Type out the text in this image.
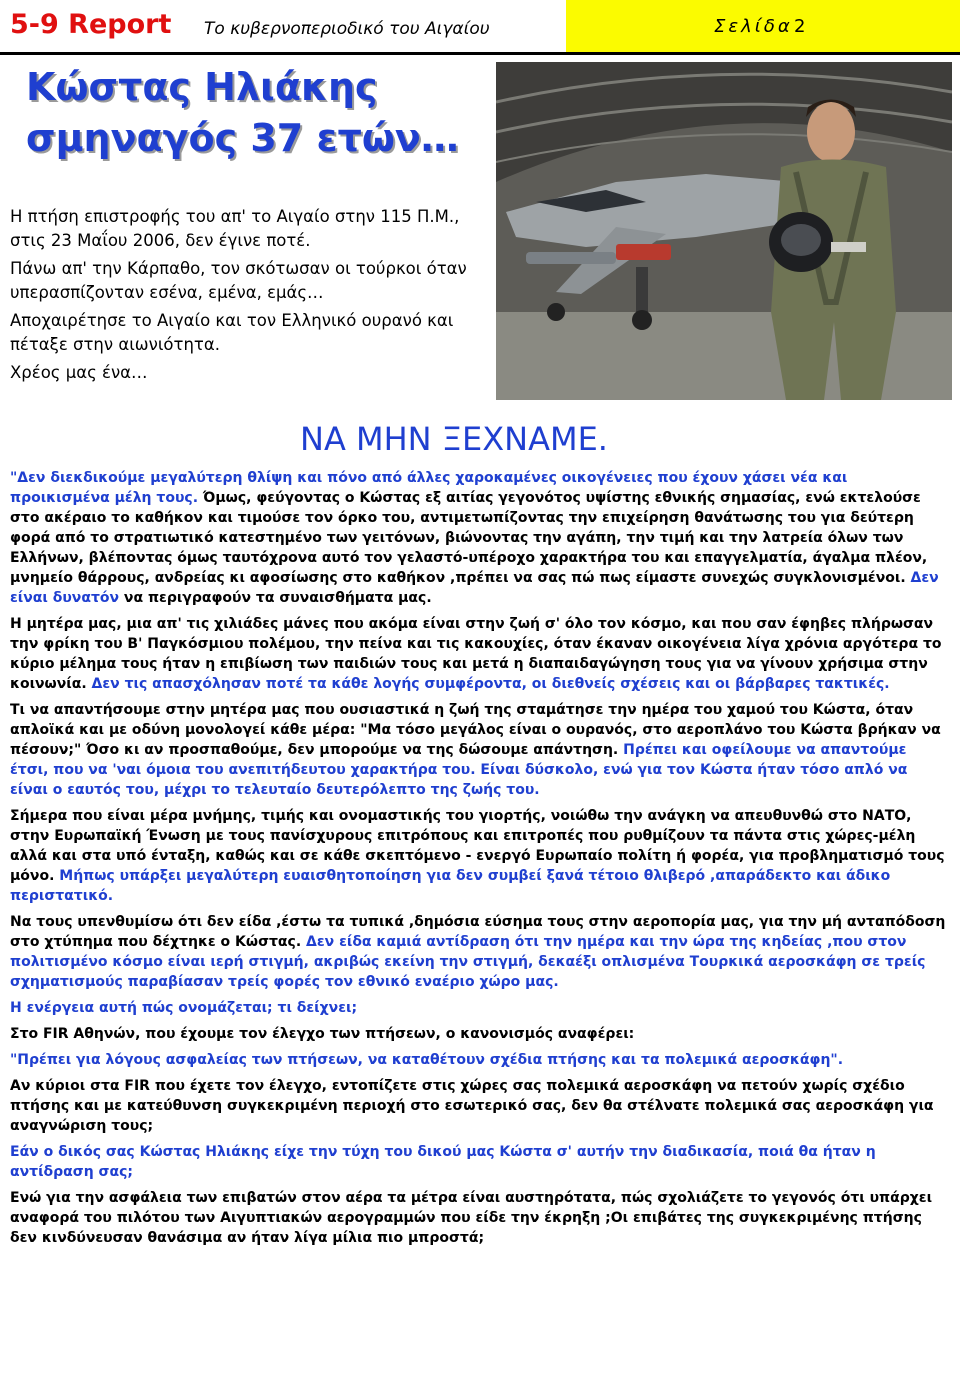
5-9 Report Το κυβερνοπεριοδικό του Αιγαίου	Σελίδα 2
Κώστας Ηλιάκης
σμηναγός 37 ετών…

Η πτήση επιστροφής του απ' το Αιγαίο στην 115 Π.Μ., στις 23 Μαΐου 2006, δεν έγινε ποτέ.

Πάνω απ' την Κάρπαθο, τον σκότωσαν οι τούρκοι όταν υπερασπίζονταν εσένα, εμένα, εμάς…

Αποχαιρέτησε το Αιγαίο και τον Ελληνικό ουρανό και πέταξε στην αιωνιότητα.

Χρέος μας ένα…

ΝΑ ΜΗΝ ΞΕΧΝΑΜΕ.

"Δεν διεκδικούμε μεγαλύτερη θλίψη και πόνο από άλλες χαροκαμένες οικογένειες που έχουν χάσει νέα και προικισμένα μέλη τους. Όμως, φεύγοντας ο Κώστας εξ αιτίας γεγονότος υψίστης εθνικής σημασίας, ενώ εκτελούσε στο ακέραιο το καθήκον και τιμούσε τον όρκο του, αντιμετωπίζοντας την επιχείρηση θανάτωσης του για δεύτερη φορά από το στρατιωτικό κατεστημένο των γειτόνων, βιώνοντας την αγάπη, την τιμή και την λατρεία όλων των Ελλήνων, βλέποντας όμως ταυτόχρονα αυτό τον γελαστό-υπέροχο χαρακτήρα του και επαγγελματία, άγαλμα πλέον, μνημείο θάρρους, ανδρείας κι αφοσίωσης στο καθήκον ,πρέπει να σας πώ πως είμαστε συνεχώς συγκλονισμένοι. Δεν είναι δυνατόν να περιγραφούν τα συναισθήματα μας.

Η μητέρα μας, μια απ' τις χιλιάδες μάνες που ακόμα είναι στην ζωή σ' όλο τον κόσμο, και που σαν έφηβες πλήρωσαν την φρίκη του Β' Παγκόσμιου πολέμου, την πείνα και τις κακουχίες, όταν έκαναν οικογένεια λίγα χρόνια αργότερα το κύριο μέλημα τους ήταν η επιβίωση των παιδιών τους και μετά η διαπαιδαγώγηση τους για να γίνουν χρήσιμα στην κοινωνία. Δεν τις απασχόλησαν ποτέ τα κάθε λογής συμφέροντα, οι διεθνείς σχέσεις και οι βάρβαρες τακτικές.

Τι να απαντήσουμε στην μητέρα μας που ουσιαστικά η ζωή της σταμάτησε την ημέρα του χαμού του Κώστα, όταν απλοϊκά και με οδύνη μονολογεί κάθε μέρα: "Μα τόσο μεγάλος είναι ο ουρανός, στο αεροπλάνο του Κώστα βρήκαν να πέσουν;" Όσο κι αν προσπαθούμε, δεν μπορούμε να της δώσουμε απάντηση. Πρέπει και οφείλουμε να απαντούμε έτσι, που να 'ναι όμοια του ανεπιτήδευτου χαρακτήρα του. Είναι δύσκολο, ενώ για τον Κώστα ήταν τόσο απλό να είναι ο εαυτός του, μέχρι το τελευταίο δευτερόλεπτο της ζωής του.

Σήμερα που είναι μέρα μνήμης, τιμής και ονομαστικής του γιορτής, νοιώθω την ανάγκη να απευθυνθώ στο ΝΑΤΟ, στην Ευρωπαϊκή Ένωση με τους πανίσχυρους επιτρόπους και επιτροπές που ρυθμίζουν τα πάντα στις χώρες-μέλη αλλά και στα υπό ένταξη, καθώς και σε κάθε σκεπτόμενο - ενεργό Ευρωπαίο πολίτη ή φορέα, για προβληματισμό τους μόνο. Μήπως υπάρξει μεγαλύτερη ευαισθητοποίηση για δεν συμβεί ξανά τέτοιο θλιβερό ,απαράδεκτο και άδικο περιστατικό.

Να τους υπενθυμίσω ότι δεν είδα ,έστω τα τυπικά ,δημόσια εύσημα τους στην αεροπορία μας, για την μή ανταπόδοση στο χτύπημα που δέχτηκε ο Κώστας. Δεν είδα καμιά αντίδραση ότι την ημέρα και την ώρα της κηδείας ,που στον πολιτισμένο κόσμο είναι ιερή στιγμή, ακριβώς εκείνη την στιγμή, δεκαέξι οπλισμένα Τουρκικά αεροσκάφη σε τρείς σχηματισμούς παραβίασαν τρείς φορές τον εθνικό εναέριο χώρο μας.

Η ενέργεια αυτή πώς ονομάζεται; τι δείχνει;

Στο FIR Αθηνών, που έχουμε τον έλεγχο των πτήσεων, ο κανονισμός αναφέρει:

"Πρέπει για λόγους ασφαλείας των πτήσεων, να καταθέτουν σχέδια πτήσης και τα πολεμικά αεροσκάφη".

Αν κύριοι στα FIR που έχετε τον έλεγχο, εντοπίζετε στις χώρες σας πολεμικά αεροσκάφη να πετούν χωρίς σχέδιο πτήσης και με κατεύθυνση συγκεκριμένη περιοχή στο εσωτερικό σας, δεν θα στέλνατε πολεμικά σας αεροσκάφη για αναγνώριση τους;

Εάν ο δικός σας Κώστας Ηλιάκης είχε την τύχη του δικού μας Κώστα σ' αυτήν την διαδικασία, ποιά θα ήταν η αντίδραση σας;

Ενώ για την ασφάλεια των επιβατών στον αέρα τα μέτρα είναι αυστηρότατα, πώς σχολιάζετε το γεγονός ότι υπάρχει αναφορά του πιλότου των Αιγυπτιακών αερογραμμών που είδε την έκρηξη ;Οι επιβάτες της συγκεκριμένης πτήσης δεν κινδύνευσαν θανάσιμα αν ήταν λίγα μίλια πιο μπροστά;
